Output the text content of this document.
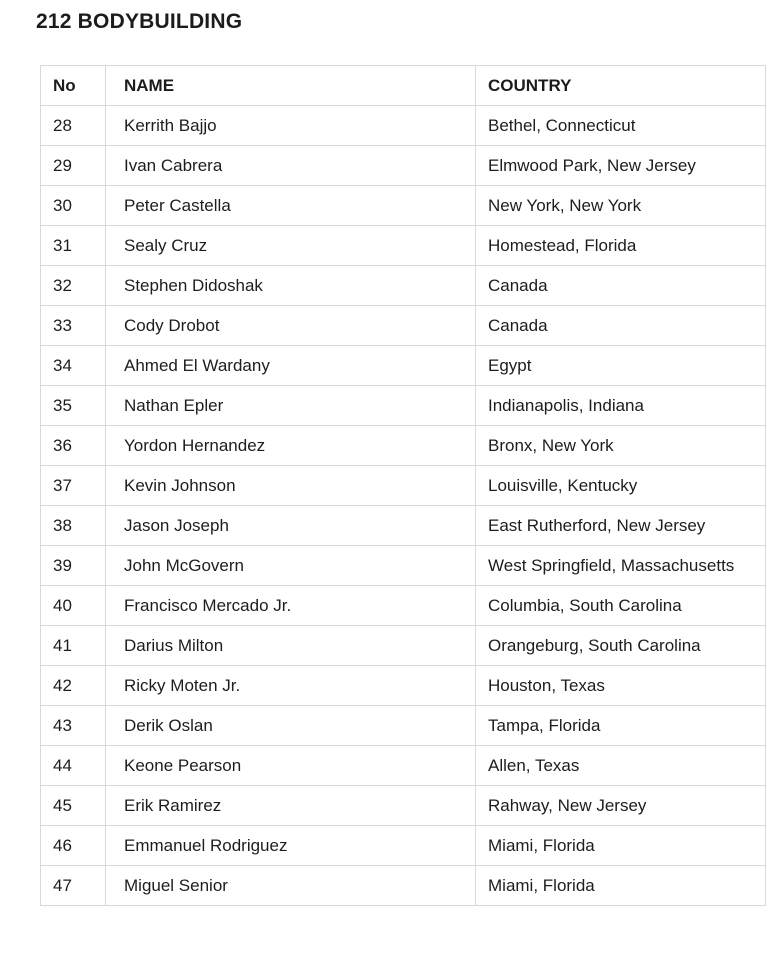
212 BODYBUILDING
No	NAME	COUNTRY
28	Kerrith Bajjo	Bethel, Connecticut
29	Ivan Cabrera	Elmwood Park, New Jersey
30	Peter Castella	New York, New York
31	Sealy Cruz	Homestead, Florida
32	Stephen Didoshak	Canada
33	Cody Drobot	Canada
34	Ahmed El Wardany	Egypt
35	Nathan Epler	Indianapolis, Indiana
36	Yordon Hernandez	Bronx, New York
37	Kevin Johnson	Louisville, Kentucky
38	Jason Joseph	East Rutherford, New Jersey
39	John McGovern	West Springfield, Massachusetts
40	Francisco Mercado Jr.	Columbia, South Carolina
41	Darius Milton	Orangeburg, South Carolina
42	Ricky Moten Jr.	Houston, Texas
43	Derik Oslan	Tampa, Florida
44	Keone Pearson	Allen, Texas
45	Erik Ramirez	Rahway, New Jersey
46	Emmanuel Rodriguez	Miami, Florida
47	Miguel Senior	Miami, Florida
